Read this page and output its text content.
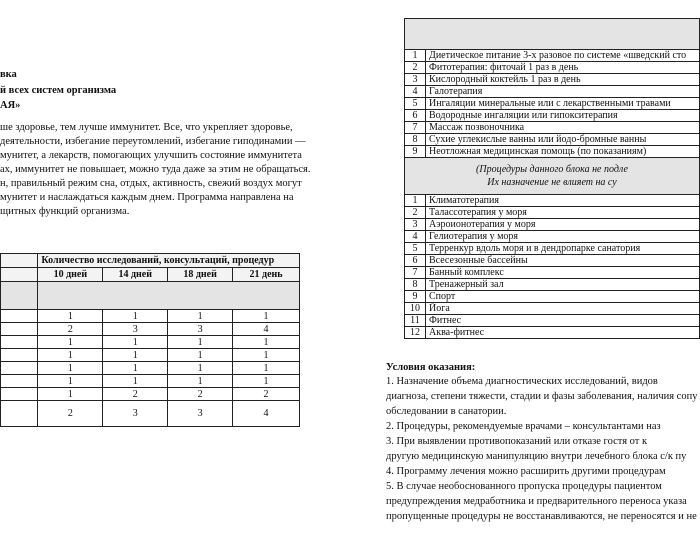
вка
й всех систем организма
АЯ»
ше здоровье, тем лучше иммунитет. Все, что укрепляет здоровье,
деятельности, избегание переутомлений, избегание гиподинамии —
мунитет, а лекарств, помогающих улучшить состояние иммунитета
ах, иммунитет не повышает, можно туда даже за этим не обращаться.
н, правильный режим сна, отдых, активность, свежий воздух могут
мунитет и наслаждаться каждым днем. Программа направлена на
щитных функций организма.
	Количество исследований, консультаций, процедур			
	10 дней	14 дней	18 дней	21 день

	1	1	1	1
	2	3	3	4
	1	1	1	1
	1	1	1	1
	1	1	1	1
	1	1	1	1
	1	2	2	2
	2	3	3	4

1	Диетическое питание 3-х разовое по системе «шведский сто
2	Фитотерапия: фиточай 1 раз в день
3	Кислородный коктейль 1 раз в день
4	Галотерапия
5	Ингаляции минеральные или с лекарственными травами
6	Водородные ингаляции или гипокситерапия
7	Массаж позвоночника
8	Сухие углекислые ванны или йодо-бромные ванны
9	Неотложная медицинская помощь (по показаниям)

(Процедуры данного блока не подле
Их назначение не влияет на су	

1	Климатотерапия
2	Талассотерапия у моря
3	Аэроионотерапия у моря
4	Гелиотерапия у моря
5	Терренкур вдоль моря и в дендропарке санатория
6	Всесезонные бассейны
7	Банный комплекс
8	Тренажерный зал
9	Спорт
10	Йога
11	Фитнес
12	Аква-фитнес
Условия оказания:
1. Назначение объема диагностических исследований, видов
диагноза, степени тяжести, стадии и фазы заболевания, наличия сопу
обследовании в санатории.
2. Процедуры, рекомендуемые врачами – консультантами наз
3. При выявлении противопоказаний или отказе гостя от к
другую медицинскую манипуляцию внутри лечебного блока с/к пу
4. Программу лечения можно расширить другими процедурам
5. В случае необоснованного пропуска процедуры пациентом
предупреждения медработника и предварительного переноса указа
пропущенные процедуры не восстанавливаются, не переносятся и не
